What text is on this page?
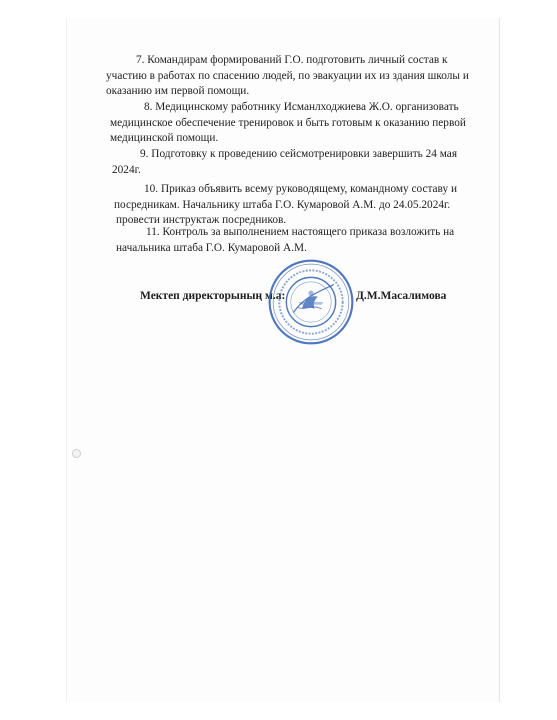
7. Командирам формирований Г.О. подготовить личный состав к
участию в работах по спасению людей, по эвакуации их из здания школы и
оказанию им первой помощи.
8. Медицинскому работнику Исманлходжиева Ж.О. организовать
медицинское обеспечение тренировок и быть готовым к оказанию первой
медицинской помощи.
9. Подготовку к проведению сейсмотренировки завершить 24 мая
2024г.
10. Приказ объявить всему руководящему, командному составу и
посредникам. Начальнику штаба Г.О. Кумаровой А.М. до 24.05.2024г.
провести инструктаж посредников.
11. Контроль за выполнением настоящего приказа возложить на
начальника штаба Г.О. Кумаровой А.М.
Мектеп директорының м.а:	Д.М.Масалимова
